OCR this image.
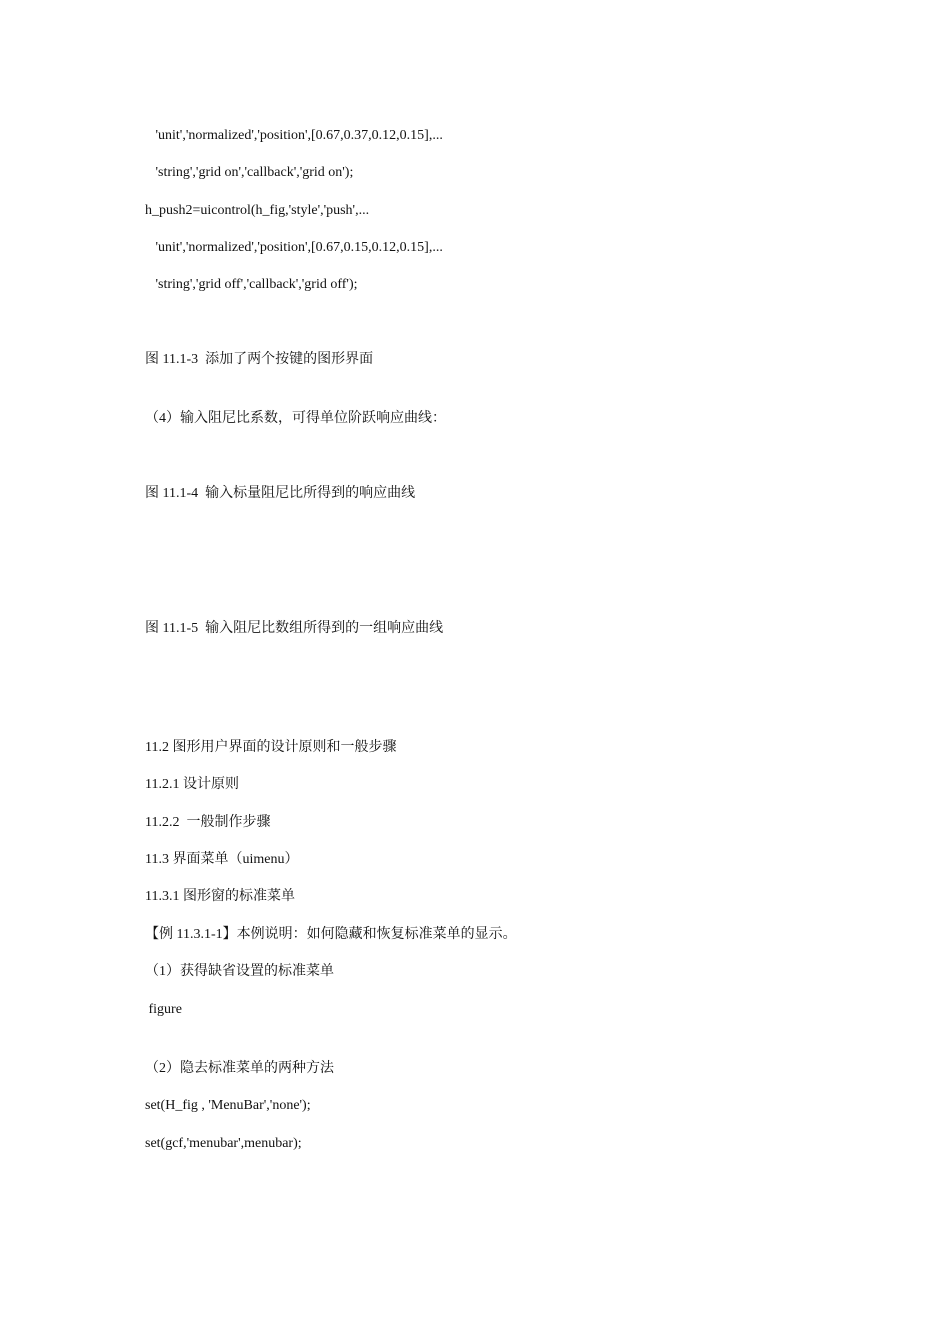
'unit','normalized','position',[0.67,0.37,0.12,0.15],...
'string','grid on','callback','grid on');
h_push2=uicontrol(h_fig,'style','push',...
'unit','normalized','position',[0.67,0.15,0.12,0.15],...
'string','grid off','callback','grid off');
图 11.1-3  添加了两个按键的图形界面
（4）输入阻尼比系数，可得单位阶跃响应曲线：
图 11.1-4  输入标量阻尼比所得到的响应曲线
图 11.1-5  输入阻尼比数组所得到的一组响应曲线
11.2 图形用户界面的设计原则和一般步骤
11.2.1 设计原则
11.2.2  一般制作步骤
11.3 界面菜单（uimenu）
11.3.1 图形窗的标准菜单
【例 11.3.1-1】本例说明：如何隐藏和恢复标准菜单的显示。
（1）获得缺省设置的标准菜单
figure
（2）隐去标准菜单的两种方法
set(H_fig , 'MenuBar','none');
set(gcf,'menubar',menubar);
